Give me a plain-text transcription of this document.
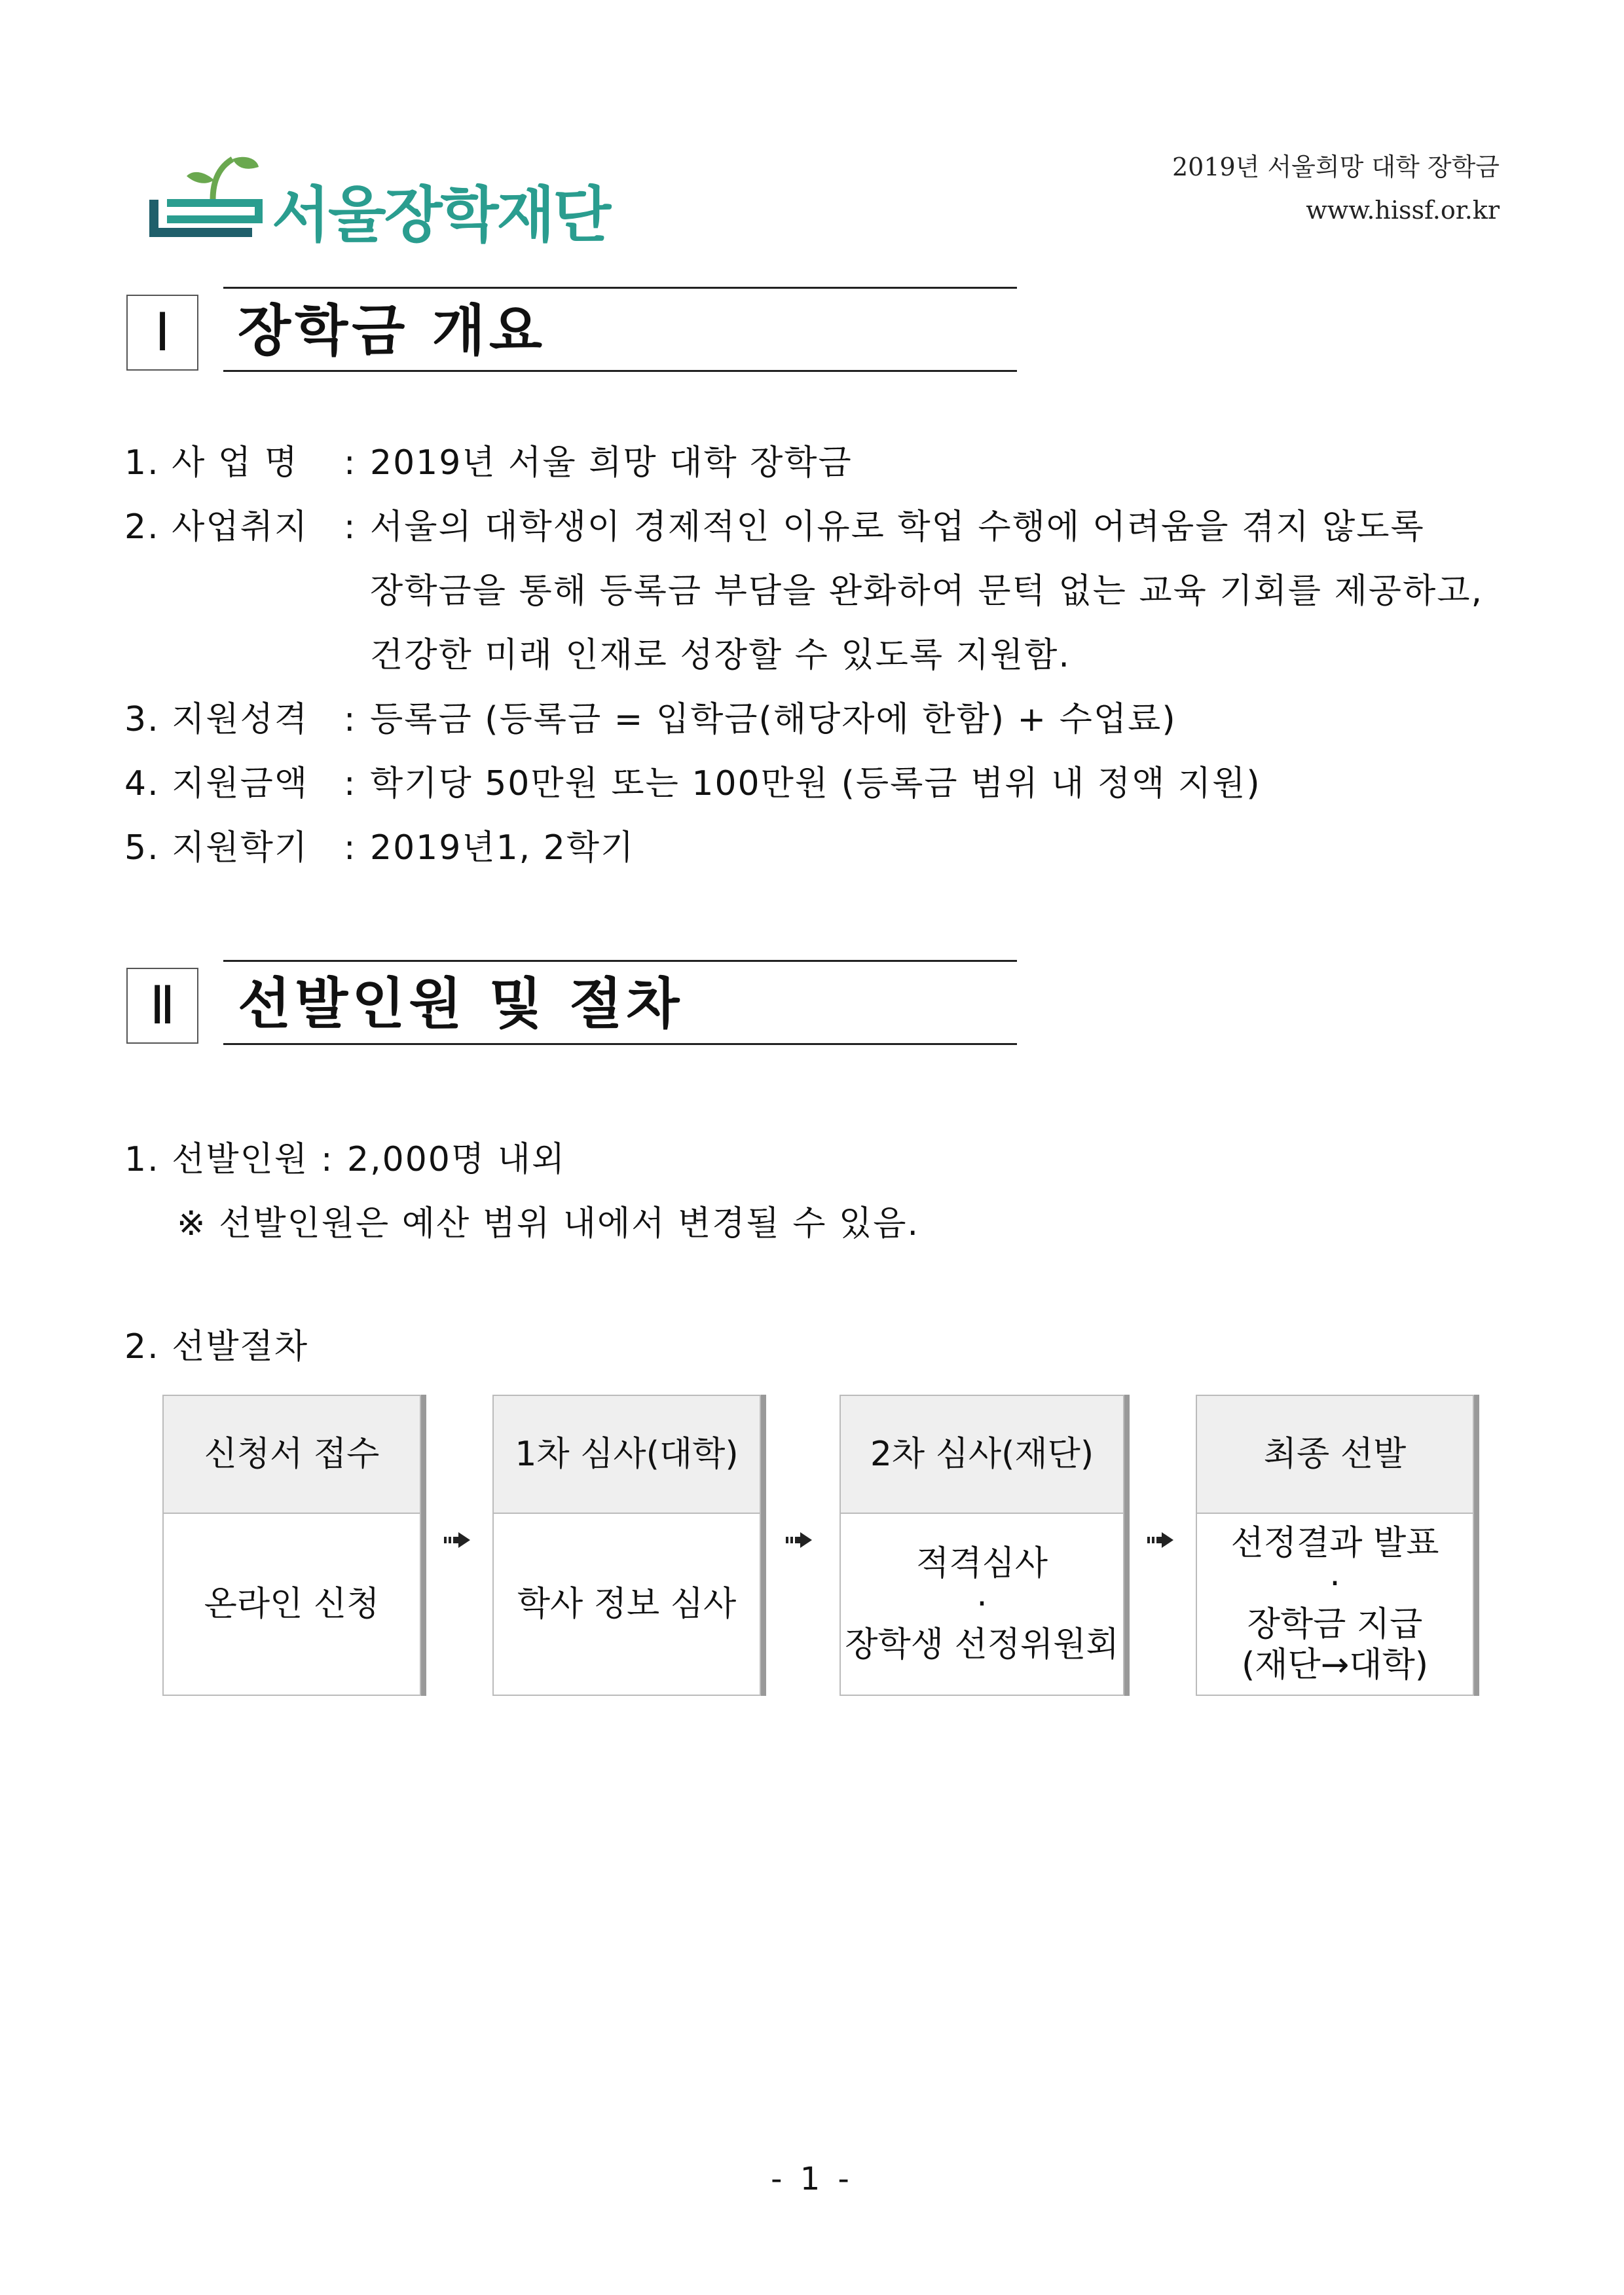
서울장학재단
2019년 서울희망 대학 장학금
www.hissf.or.kr
Ⅰ	장학금 개요
1. 사 업 명 : 2019년 서울 희망 대학 장학금
2. 사업취지 : 서울의 대학생이 경제적인 이유로 학업 수행에 어려움을 겪지 않도록
장학금을 통해 등록금 부담을 완화하여 문턱 없는 교육 기회를 제공하고,
건강한 미래 인재로 성장할 수 있도록 지원함.
3. 지원성격 : 등록금 (등록금 = 입학금(해당자에 한함) + 수업료)
4. 지원금액 : 학기당 50만원 또는 100만원 (등록금 범위 내 정액 지원)
5. 지원학기 : 2019년1, 2학기
Ⅱ	선발인원 및 절차
1. 선발인원 : 2,000명 내외
※ 선발인원은 예산 범위 내에서 변경될 수 있음.
2. 선발절차
신청서 접수
온라인 신청
1차 심사(대학)
학사 정보 심사
2차 심사(재단)
적격심사
·
장학생 선정위원회
최종 선발
선정결과 발표
·
장학금 지급
(재단→대학)
- 1 -
